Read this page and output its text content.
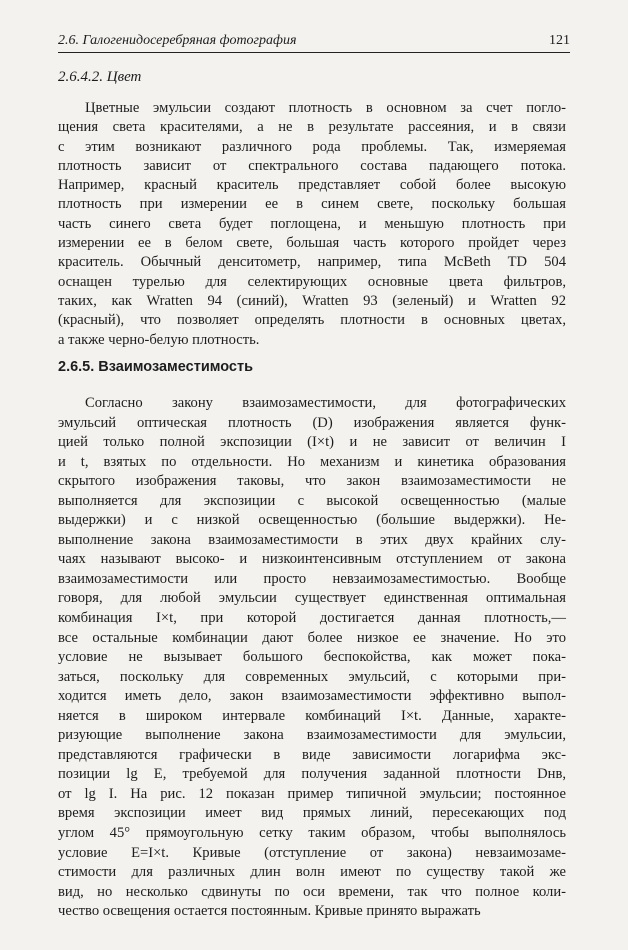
2.6. Галогенидосеребряная фотография	121
2.6.4.2. Цвет
Цветные эмульсии создают плотность в основном за счет погло-
щения света красителями, а не в результате рассеяния, и в связи
с этим возникают различного рода проблемы. Так, измеряемая
плотность зависит от спектрального состава падающего потока.
Например, красный краситель представляет собой более высокую
плотность при измерении ее в синем свете, поскольку большая
часть синего света будет поглощена, и меньшую плотность при
измерении ее в белом свете, большая часть которого пройдет через
краситель. Обычный денситометр, например, типа McBeth TD 504
оснащен турелью для селектирующих основные цвета фильтров,
таких, как Wratten 94 (синий), Wratten 93 (зеленый) и Wratten 92
(красный), что позволяет определять плотности в основных цветах,
а также черно-белую плотность.
2.6.5. Взаимозаместимость
Согласно закону взаимозаместимости, для фотографических
эмульсий оптическая плотность (D) изображения является функ-
цией только полной экспозиции (I×t) и не зависит от величин I
и t, взятых по отдельности. Но механизм и кинетика образования
скрытого изображения таковы, что закон взаимозаместимости не
выполняется для экспозиции с высокой освещенностью (малые
выдержки) и с низкой освещенностью (большие выдержки). Не-
выполнение закона взаимозаместимости в этих двух крайних слу-
чаях называют высоко- и низкоинтенсивным отступлением от закона
взаимозаместимости или просто невзаимозаместимостью. Вообще
говоря, для любой эмульсии существует единственная оптимальная
комбинация I×t, при которой достигается данная плотность,—
все остальные комбинации дают более низкое ее значение. Но это
условие не вызывает большого беспокойства, как может пока-
заться, поскольку для современных эмульсий, с которыми при-
ходится иметь дело, закон взаимозаместимости эффективно выпол-
няется в широком интервале комбинаций I×t. Данные, характе-
ризующие выполнение закона взаимозаместимости для эмульсии,
представляются графически в виде зависимости логарифма экс-
позиции lg E, требуемой для получения заданной плотности Dнв,
от lg I. На рис. 12 показан пример типичной эмульсии; постоянное
время экспозиции имеет вид прямых линий, пересекающих под
углом 45° прямоугольную сетку таким образом, чтобы выполнялось
условие E=I×t. Кривые (отступление от закона) невзаимозаме-
стимости для различных длин волн имеют по существу такой же
вид, но несколько сдвинуты по оси времени, так что полное коли-
чество освещения остается постоянным. Кривые принято выражать
